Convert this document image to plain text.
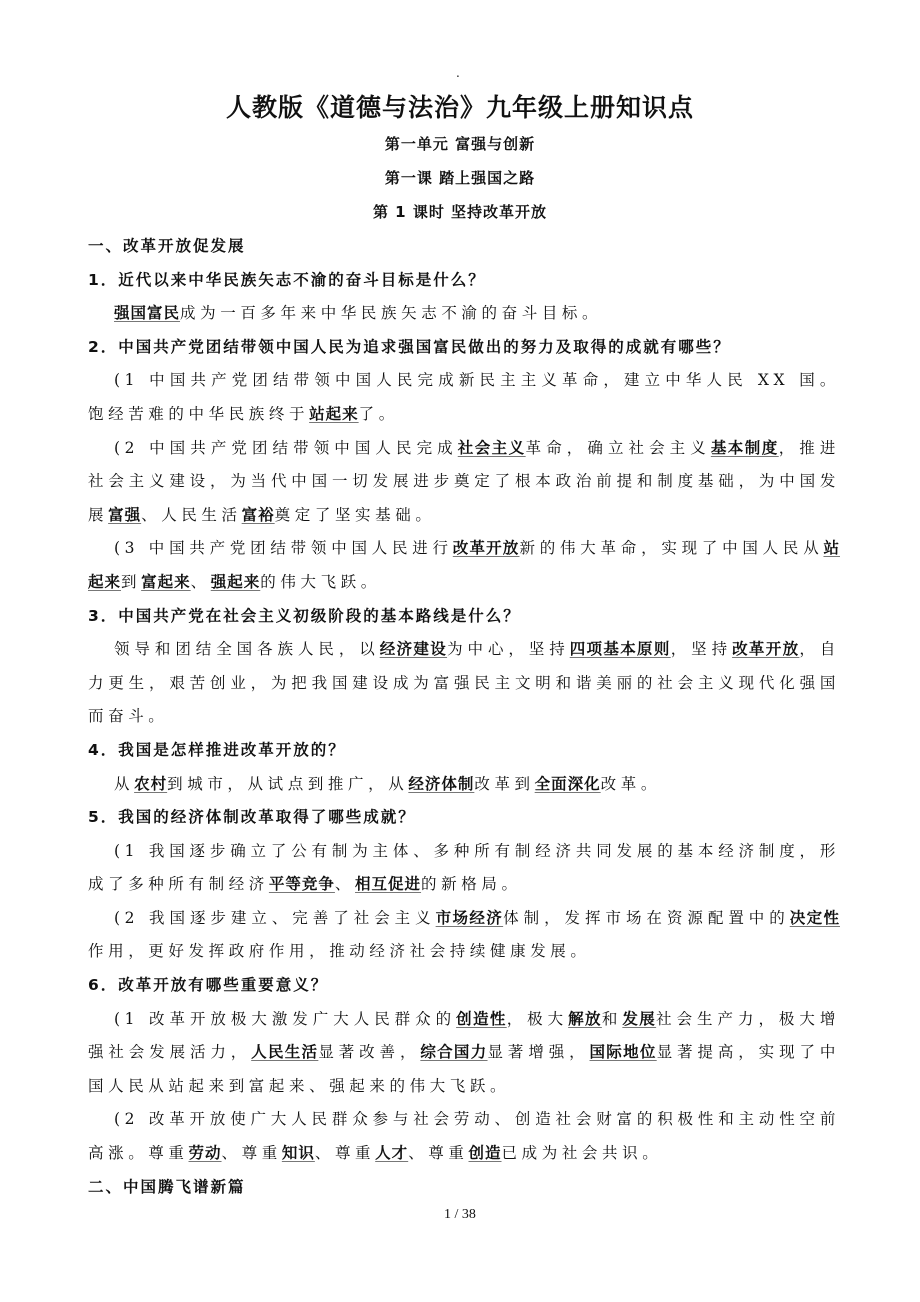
.
人教版《道德与法治》九年级上册知识点
第一单元 富强与创新
第一课 踏上强国之路
第 1 课时 坚持改革开放
一、改革开放促发展
1．近代以来中华民族矢志不渝的奋斗目标是什么？
强国富民成为一百多年来中华民族矢志不渝的奋斗目标。
2．中国共产党团结带领中国人民为追求强国富民做出的努力及取得的成就有哪些？
(1 中国共产党团结带领中国人民完成新民主主义革命，建立中华人民 XX 国。饱经苦难的中华民族终于站起来了。
(2 中国共产党团结带领中国人民完成社会主义革命，确立社会主义基本制度，推进社会主义建设，为当代中国一切发展进步奠定了根本政治前提和制度基础，为中国发展富强、人民生活富裕奠定了坚实基础。
(3 中国共产党团结带领中国人民进行改革开放新的伟大革命，实现了中国人民从站起来到富起来、强起来的伟大飞跃。
3．中国共产党在社会主义初级阶段的基本路线是什么？
领导和团结全国各族人民，以经济建设为中心，坚持四项基本原则，坚持改革开放，自力更生，艰苦创业，为把我国建设成为富强民主文明和谐美丽的社会主义现代化强国而奋斗。
4．我国是怎样推进改革开放的？
从农村到城市，从试点到推广，从经济体制改革到全面深化改革。
5．我国的经济体制改革取得了哪些成就？
(1 我国逐步确立了公有制为主体、多种所有制经济共同发展的基本经济制度，形成了多种所有制经济平等竞争、相互促进的新格局。
(2 我国逐步建立、完善了社会主义市场经济体制，发挥市场在资源配置中的决定性作用，更好发挥政府作用，推动经济社会持续健康发展。
6．改革开放有哪些重要意义？
(1 改革开放极大激发广大人民群众的创造性，极大解放和发展社会生产力，极大增强社会发展活力，人民生活显著改善，综合国力显著增强，国际地位显著提高，实现了中国人民从站起来到富起来、强起来的伟大飞跃。
(2 改革开放使广大人民群众参与社会劳动、创造社会财富的积极性和主动性空前高涨。尊重劳动、尊重知识、尊重人才、尊重创造已成为社会共识。
二、中国腾飞谱新篇
1 / 38
